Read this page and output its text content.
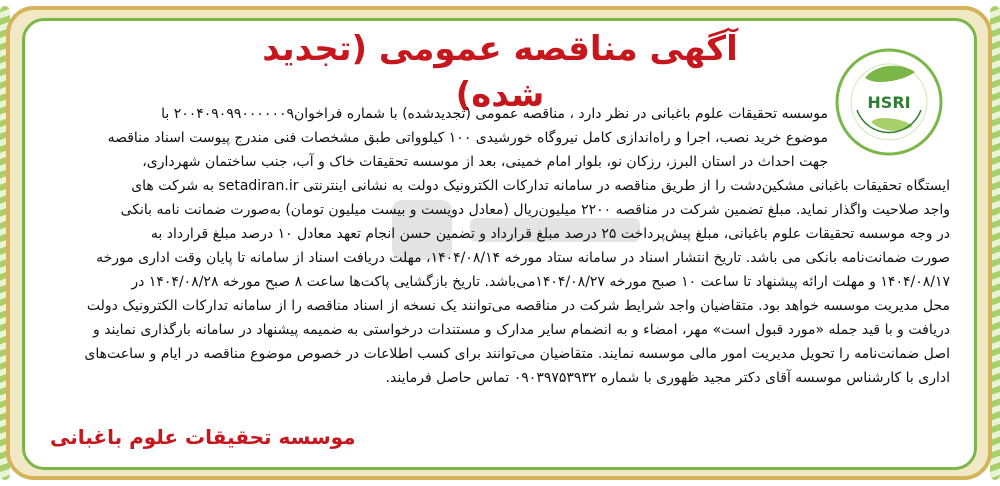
آگهی مناقصه عمومی (تجدید شده)	HSRI
موسسه تحقیقات علوم باغبانی در نظر دارد ، مناقصه عمومی (تجدیدشده) با شماره فراخوان۲۰۰۴۰۹۰۹۹۰۰۰۰۰۰۹ با
موضوع خرید نصب، اجرا و راه‌اندازی کامل نیروگاه خورشیدی ۱۰۰ کیلوواتی طبق مشخصات فنی مندرج پیوست اسناد مناقصه
جهت احداث در استان البرز، رزکان نو، بلوار امام خمینی، بعد از موسسه تحقیقات خاک و آب، جنب ساختمان شهرداری،
ایستگاه تحقیقات باغبانی مشکین‌دشت را از طریق مناقصه در سامانه تدارکات الکترونیک دولت به نشانی اینترنتی setadiran.ir به شرکت های
واجد صلاحیت واگذار نماید. مبلغ تضمین شرکت در مناقصه ۲۲۰۰ میلیون‌ریال (معادل دویست و بیست میلیون تومان) به‌صورت ضمانت نامه بانکی
در وجه موسسه تحقیقات علوم باغبانی، مبلغ پیش‌پرداخت ۲۵ درصد مبلغ قرارداد و تضمین حسن انجام تعهد معادل ۱۰ درصد مبلغ قرارداد به
صورت ضمانت‌نامه بانکی می باشد. تاریخ انتشار اسناد در سامانه ستاد مورخه ۱۴۰۴/۰۸/۱۴، مهلت دریافت اسناد از سامانه تا پایان وقت اداری مورخه
۱۴۰۴/۰۸/۱۷ و مهلت ارائه پیشنهاد تا ساعت ۱۰ صبح مورخه ۱۴۰۴/۰۸/۲۷می‌باشد. تاریخ بازگشایی پاکت‌ها ساعت ۸ صبح مورخه ۱۴۰۴/۰۸/۲۸ در
محل مدیریت موسسه خواهد بود. متقاضیان واجد شرایط شرکت در مناقصه می‌توانند یک نسخه از اسناد مناقصه را از سامانه تدارکات الکترونیک دولت
دریافت و با قید جمله «مورد قبول است» مهر، امضاء و به انضمام سایر مدارک و مستندات درخواستی به ضمیمه پیشنهاد در سامانه بارگذاری نمایند و
اصل ضمانت‌نامه را تحویل مدیریت امور مالی موسسه نمایند. متقاضیان می‌توانند برای کسب اطلاعات در خصوص موضوع مناقصه در ایام و ساعت‌های
اداری با کارشناس موسسه آقای دکتر مجید ظهوری با شماره ۰۹۰۳۹۷۵۳۹۳۲ تماس حاصل فرمایند.
موسسه تحقیقات علوم باغبانی
